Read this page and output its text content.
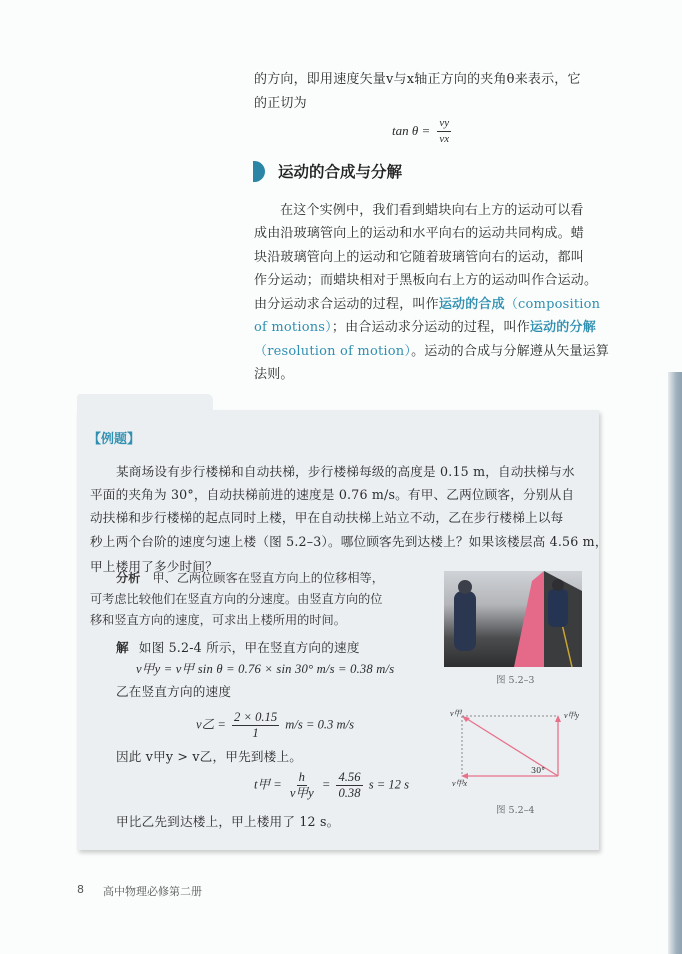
的方向，即用速度矢量v与x轴正方向的夹角θ来表示，它
的正切为
$\tan \theta = \frac{vy}{vx}$
运动的合成与分解
在这个实例中，我们看到蜡块向右上方的运动可以看
成由沿玻璃管向上的运动和水平向右的运动共同构成。蜡
块沿玻璃管向上的运动和它随着玻璃管向右的运动，都叫
作分运动；而蜡块相对于黑板向右上方的运动叫作合运动。
由分运动求合运动的过程，叫作运动的合成（composition
of motions）；由合运动求分运动的过程，叫作运动的分解
（resolution of motion）。运动的合成与分解遵从矢量运算
法则。
【例题】
某商场设有步行楼梯和自动扶梯，步行楼梯每级的高度是 0.15 m，自动扶梯与水
平面的夹角为 30°，自动扶梯前进的速度是 0.76 m/s。有甲、乙两位顾客，分别从自
动扶梯和步行楼梯的起点同时上楼，甲在自动扶梯上站立不动，乙在步行楼梯上以每
秒上两个台阶的速度匀速上楼（图 5.2–3）。哪位顾客先到达楼上？如果该楼层高 4.56 m，
甲上楼用了多少时间？
分析 甲、乙两位顾客在竖直方向上的位移相等，
可考虑比较他们在竖直方向的分速度。由竖直方向的位
移和竖直方向的速度，可求出上楼所用的时间。
图 5.2–3
解 如图 5.2-4 所示，甲在竖直方向的速度
v甲y = v甲 sin θ = 0.76 × sin 30° m/s = 0.38 m/s
乙在竖直方向的速度
v乙 = $\frac{2 \times 0.15}{1} m/s = 0.3$ m/s
因此 v甲y > v乙，甲先到楼上。
t甲 = $\frac{h}{\text{v甲y}} = \frac{4.56}{0.38}$ s = 12 s
甲比乙先到达楼上，甲上楼用了 12 s。
v甲	v甲y
v甲x
30°
图 5.2–4
8 高中物理必修第二册
